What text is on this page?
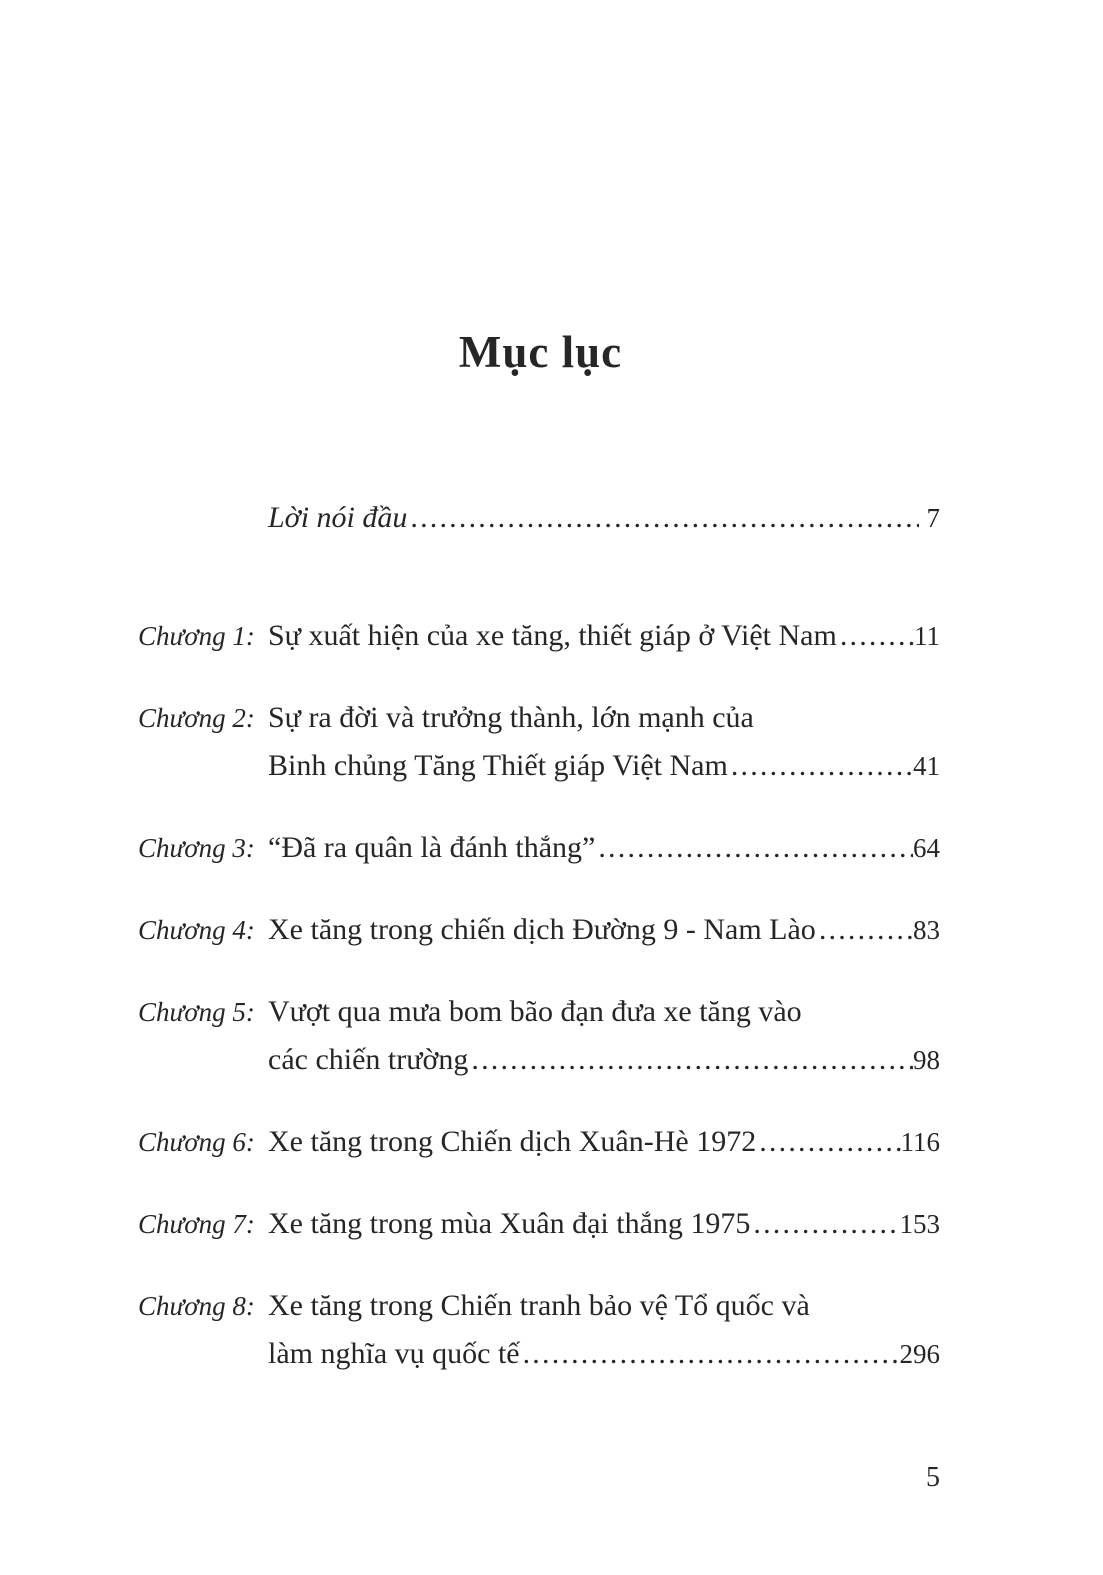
Mục lục
Lời nói đầu .....	7
Chương 1: Sự xuất hiện của xe tăng, thiết giáp ở Việt Nam .....	11
Chương 2: Sự ra đời và trưởng thành, lớn mạnh của
Binh chủng Tăng Thiết giáp Việt Nam .....	41
Chương 3: “Đã ra quân là đánh thắng” .....	64
Chương 4: Xe tăng trong chiến dịch Đường 9 - Nam Lào .....	83
Chương 5: Vượt qua mưa bom bão đạn đưa xe tăng vào
các chiến trường .....	98
Chương 6: Xe tăng trong Chiến dịch Xuân-Hè 1972 .....	116
Chương 7: Xe tăng trong mùa Xuân đại thắng 1975 .....	153
Chương 8: Xe tăng trong Chiến tranh bảo vệ Tổ quốc và
làm nghĩa vụ quốc tế .....	296
5
